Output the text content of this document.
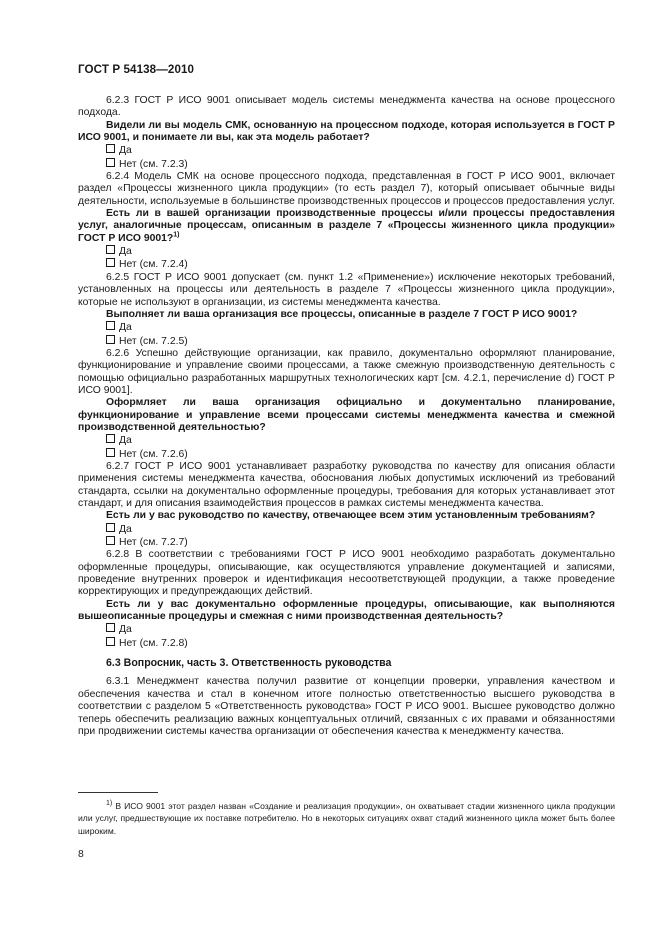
ГОСТ Р 54138—2010

6.2.3 ГОСТ Р ИСО 9001 описывает модель системы менеджмента качества на основе процессного подхода.

Видели ли вы модель СМК, основанную на процессном подходе, которая используется в ГОСТ Р ИСО 9001, и понимаете ли вы, как эта модель работает?

Да

Нет (см. 7.2.3)

6.2.4 Модель СМК на основе процессного подхода, представленная в ГОСТ Р ИСО 9001, включает раздел «Процессы жизненного цикла продукции» (то есть раздел 7), который описывает обычные виды деятельности, используемые в большинстве производственных процессов и процессов предоставления услуг.

Есть ли в вашей организации производственные процессы и/или процессы предоставления услуг, аналогичные процессам, описанным в разделе 7 «Процессы жизненного цикла продукции» ГОСТ Р ИСО 9001?$^{1)}$

Да

Нет (см. 7.2.4)

6.2.5 ГОСТ Р ИСО 9001 допускает (см. пункт 1.2 «Применение») исключение некоторых требований, установленных на процессы или деятельность в разделе 7 «Процессы жизненного цикла продукции», которые не используют в организации, из системы менеджмента качества.

Выполняет ли ваша организация все процессы, описанные в разделе 7 ГОСТ Р ИСО 9001?

Да

Нет (см. 7.2.5)

6.2.6 Успешно действующие организации, как правило, документально оформляют планирование, функционирование и управление своими процессами, а также смежную производственную деятельность с помощью официально разработанных маршрутных технологических карт [см. 4.2.1, перечисление d) ГОСТ Р ИСО 9001].

Оформляет ли ваша организация официально и документально планирование, функционирование и управление всеми процессами системы менеджмента качества и смежной производственной деятельностью?

Да

Нет (см. 7.2.6)

6.2.7 ГОСТ Р ИСО 9001 устанавливает разработку руководства по качеству для описания области применения системы менеджмента качества, обоснования любых допустимых исключений из требований стандарта, ссылки на документально оформленные процедуры, требования для которых устанавливает этот стандарт, и для описания взаимодействия процессов в рамках системы менеджмента качества.

Есть ли у вас руководство по качеству, отвечающее всем этим установленным требованиям?

Да

Нет (см. 7.2.7)

6.2.8 В соответствии с требованиями ГОСТ Р ИСО 9001 необходимо разработать документально оформленные процедуры, описывающие, как осуществляются управление документацией и записями, проведение внутренних проверок и идентификация несоответствующей продукции, а также проведение корректирующих и предупреждающих действий.

Есть ли у вас документально оформленные процедуры, описывающие, как выполняются вышеописанные процедуры и смежная с ними производственная деятельность?

Да

Нет (см. 7.2.8)

6.3 Вопросник, часть 3. Ответственность руководства

6.3.1 Менеджмент качества получил развитие от концепции проверки, управления качеством и обеспечения качества и стал в конечном итоге полностью ответственностью высшего руководства в соответствии с разделом 5 «Ответственность руководства» ГОСТ Р ИСО 9001. Высшее руководство должно теперь обеспечить реализацию важных концептуальных отличий, связанных с их правами и обязанностями при продвижении системы качества организации от обеспечения качества к менеджменту качества.

$^{1)}$ В ИСО 9001 этот раздел назван «Создание и реализация продукции», он охватывает стадии жизненного цикла продукции или услуг, предшествующие их поставке потребителю. Но в некоторых ситуациях охват стадий жизненного цикла может быть более широким.

8
